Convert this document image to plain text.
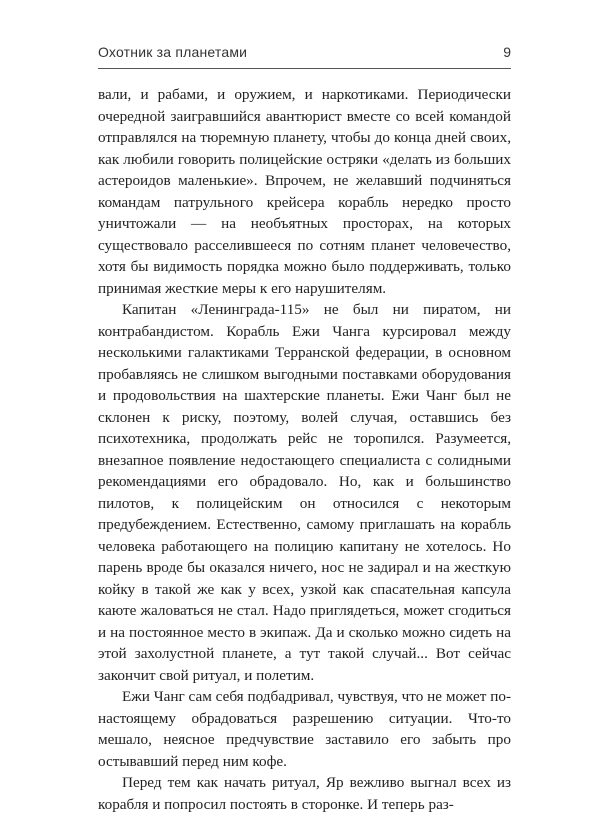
Охотник за планетами	9

вали, и рабами, и оружием, и наркотиками. Периодически очередной заигравшийся авантюрист вместе со всей командой отправлялся на тюремную планету, чтобы до конца дней своих, как любили говорить полицейские остряки «делать из больших астероидов маленькие». Впрочем, не желавший подчиняться командам патрульного крейсера корабль нередко просто уничтожали — на необъятных просторах, на которых существовало расселившееся по сотням планет человечество, хотя бы видимость порядка можно было поддерживать, только принимая жесткие меры к его нарушителям.

Капитан «Ленинграда-115» не был ни пиратом, ни контрабандистом. Корабль Ежи Чанга курсировал между несколькими галактиками Терранской федерации, в основном пробавляясь не слишком выгодными поставками оборудования и продовольствия на шахтерские планеты. Ежи Чанг был не склонен к риску, поэтому, волей случая, оставшись без психотехника, продолжать рейс не торопился. Разумеется, внезапное появление недостающего специалиста с солидными рекомендациями его обрадовало. Но, как и большинство пилотов, к полицейским он относился с некоторым предубеждением. Естественно, самому приглашать на корабль человека работающего на полицию капитану не хотелось. Но парень вроде бы оказался ничего, нос не задирал и на жесткую койку в такой же как у всех, узкой как спасательная капсула каюте жаловаться не стал. Надо приглядеться, может сгодиться и на постоянное место в экипаж. Да и сколько можно сидеть на этой захолустной планете, а тут такой случай... Вот сейчас закончит свой ритуал, и полетим.

Ежи Чанг сам себя подбадривал, чувствуя, что не может по-настоящему обрадоваться разрешению ситуации. Что-то мешало, неясное предчувствие заставило его забыть про остывавший перед ним кофе.

Перед тем как начать ритуал, Яр вежливо выгнал всех из корабля и попросил постоять в сторонке. И теперь раз-
